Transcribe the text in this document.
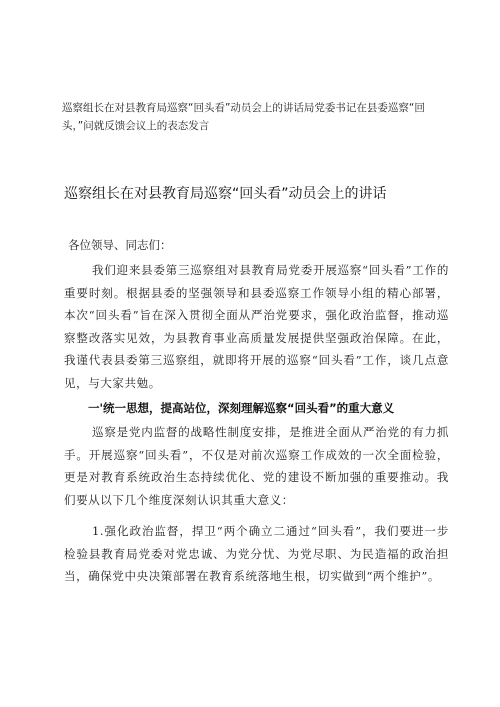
巡察组长在对县教育局巡察“回头看”动员会上的讲话局党委书记在县委巡察“回头，”问就反馈会议上的表态发言
巡察组长在对县教育局巡察“回头看”动员会上的讲话
各位领导、同志们：
我们迎来县委第三巡察组对县教育局党委开展巡察“回头看”工作的重要时刻。根据县委的坚强领导和县委巡察工作领导小组的精心部署，本次“回头看”旨在深入贯彻全面从严治党要求，强化政治监督，推动巡察整改落实见效，为县教育事业高质量发展提供坚强政治保障。在此，我谨代表县委第三巡察组，就即将开展的巡察“回头看”工作，谈几点意见，与大家共勉。
一'统一思想，提高站位，深刻理解巡察“回头看”的重大意义
巡察是党内监督的战略性制度安排，是推进全面从严治党的有力抓手。开展巡察“回头看”，不仅是对前次巡察工作成效的一次全面检验，更是对教育系统政治生态持续优化、党的建设不断加强的重要推动。我们要从以下几个维度深刻认识其重大意义：
1.强化政治监督，捍卫“两个确立二通过“回头看”，我们要进一步检验县教育局党委对党忠诚、为党分忧、为党尽职、为民造福的政治担当，确保党中央决策部署在教育系统落地生根，切实做到“两个维护”。
